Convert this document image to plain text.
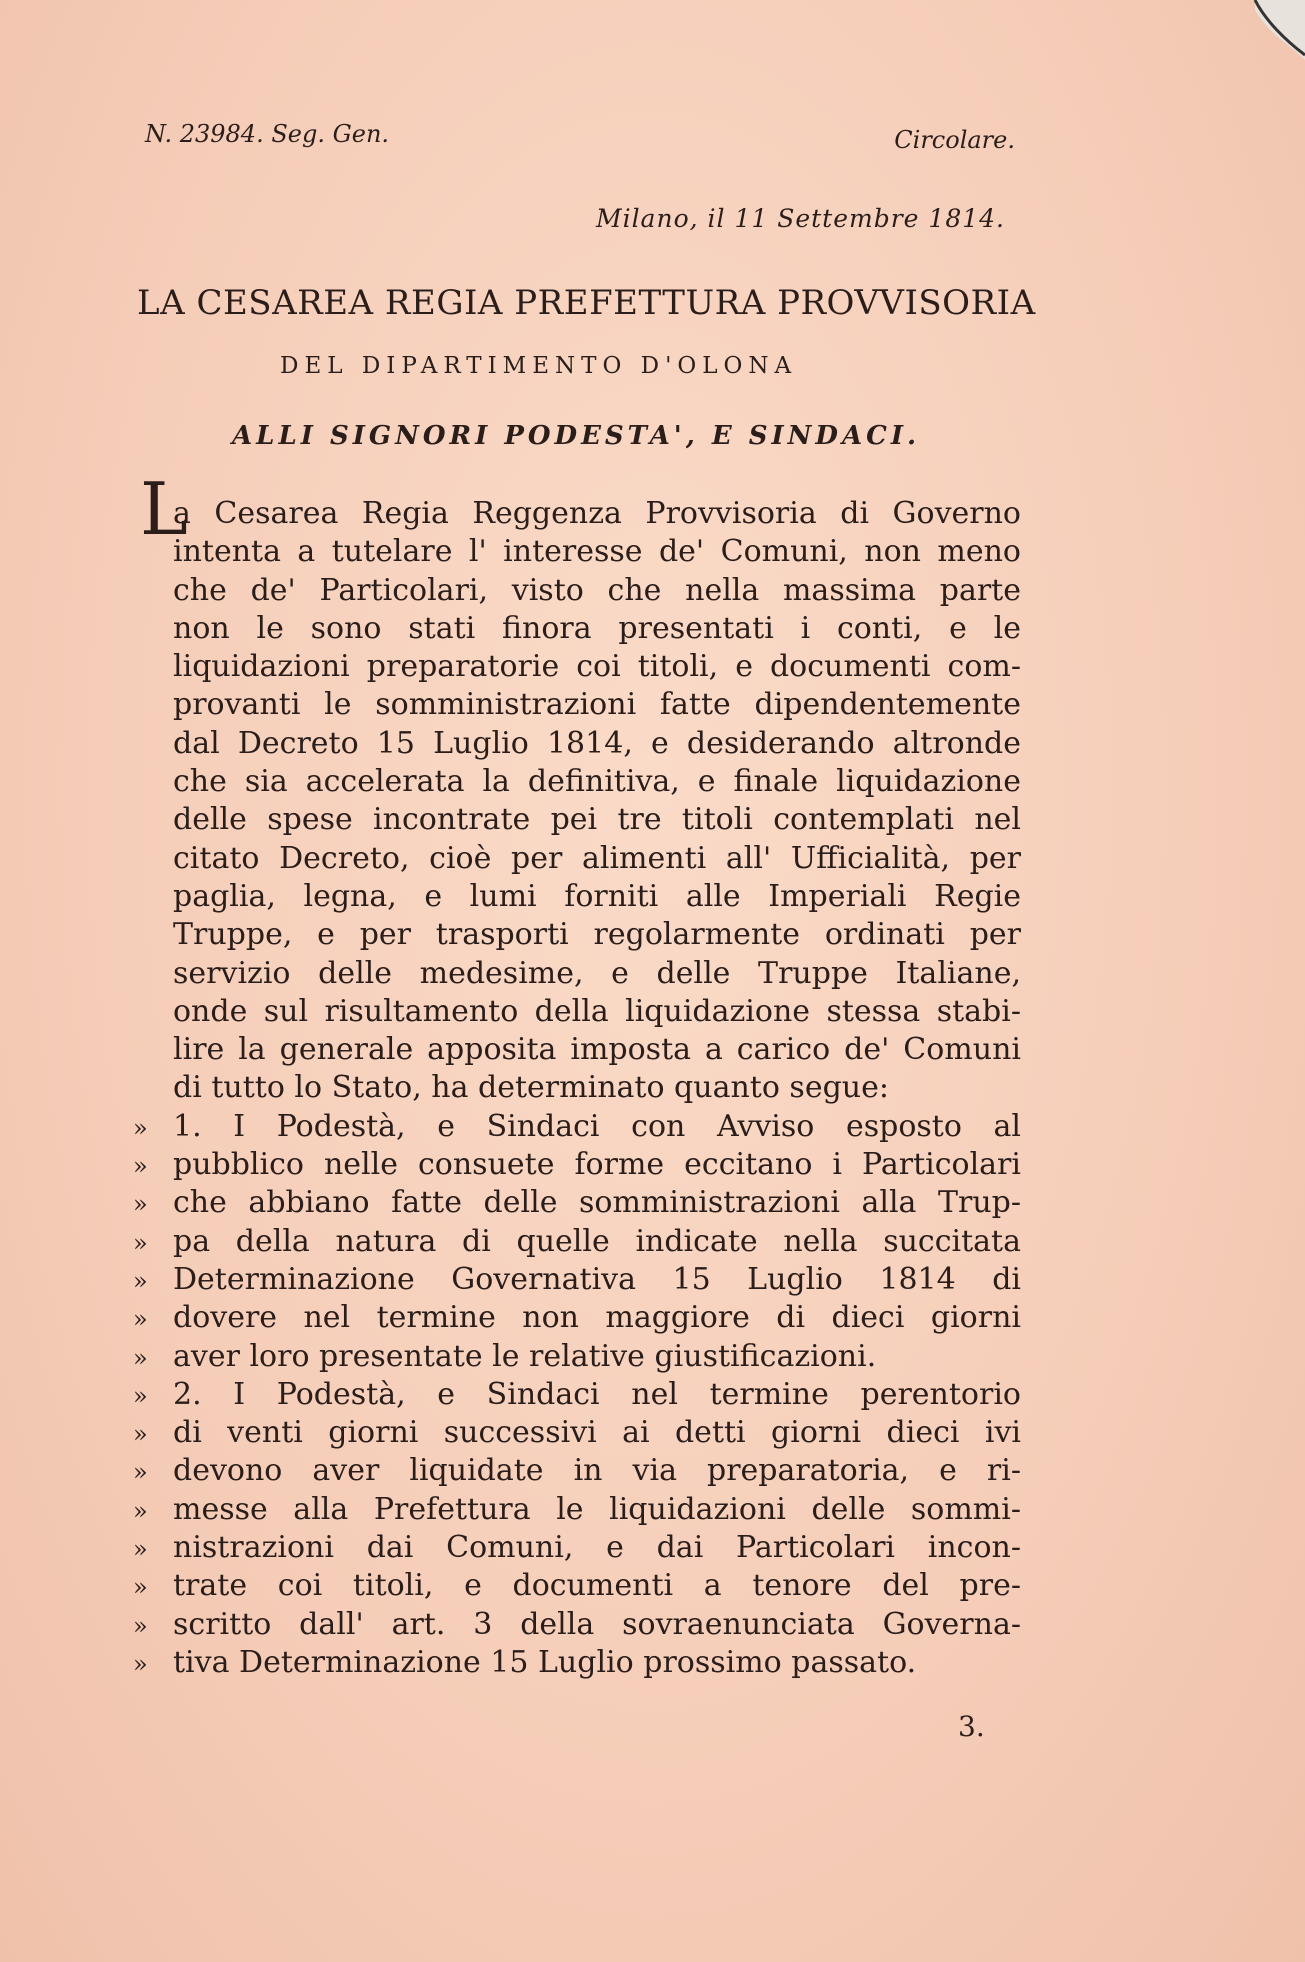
N. 23984. Seg. Gen.	Circolare.
Milano, il 11 Settembre 1814.
LA CESAREA REGIA PREFETTURA PROVVISORIA
DEL DIPARTIMENTO D'OLONA
ALLI SIGNORI PODESTA', E SINDACI.
L
a Cesarea Regia Reggenza Provvisoria di Governo
intenta a tutelare l' interesse de' Comuni, non meno
che de' Particolari, visto che nella massima parte
non le sono stati finora presentati i conti, e le
liquidazioni preparatorie coi titoli, e documenti com-
provanti le somministrazioni fatte dipendentemente
dal Decreto 15 Luglio 1814, e desiderando altronde
che sia accelerata la definitiva, e finale liquidazione
delle spese incontrate pei tre titoli contemplati nel
citato Decreto, cioè per alimenti all' Ufficialità, per
paglia, legna, e lumi forniti alle Imperiali Regie
Truppe, e per trasporti regolarmente ordinati per
servizio delle medesime, e delle Truppe Italiane,
onde sul risultamento della liquidazione stessa stabi-
lire la generale apposita imposta a carico de' Comuni
di tutto lo Stato, ha determinato quanto segue:
» 1. I Podestà, e Sindaci con Avviso esposto al
» pubblico nelle consuete forme eccitano i Particolari
» che abbiano fatte delle somministrazioni alla Trup-
» pa della natura di quelle indicate nella succitata
» Determinazione Governativa 15 Luglio 1814 di
» dovere nel termine non maggiore di dieci giorni
» aver loro presentate le relative giustificazioni.
» 2. I Podestà, e Sindaci nel termine perentorio
» di venti giorni successivi ai detti giorni dieci ivi
» devono aver liquidate in via preparatoria, e ri-
» messe alla Prefettura le liquidazioni delle sommi-
» nistrazioni dai Comuni, e dai Particolari incon-
» trate coi titoli, e documenti a tenore del pre-
» scritto dall' art. 3 della sovraenunciata Governa-
» tiva Determinazione 15 Luglio prossimo passato.
3.
